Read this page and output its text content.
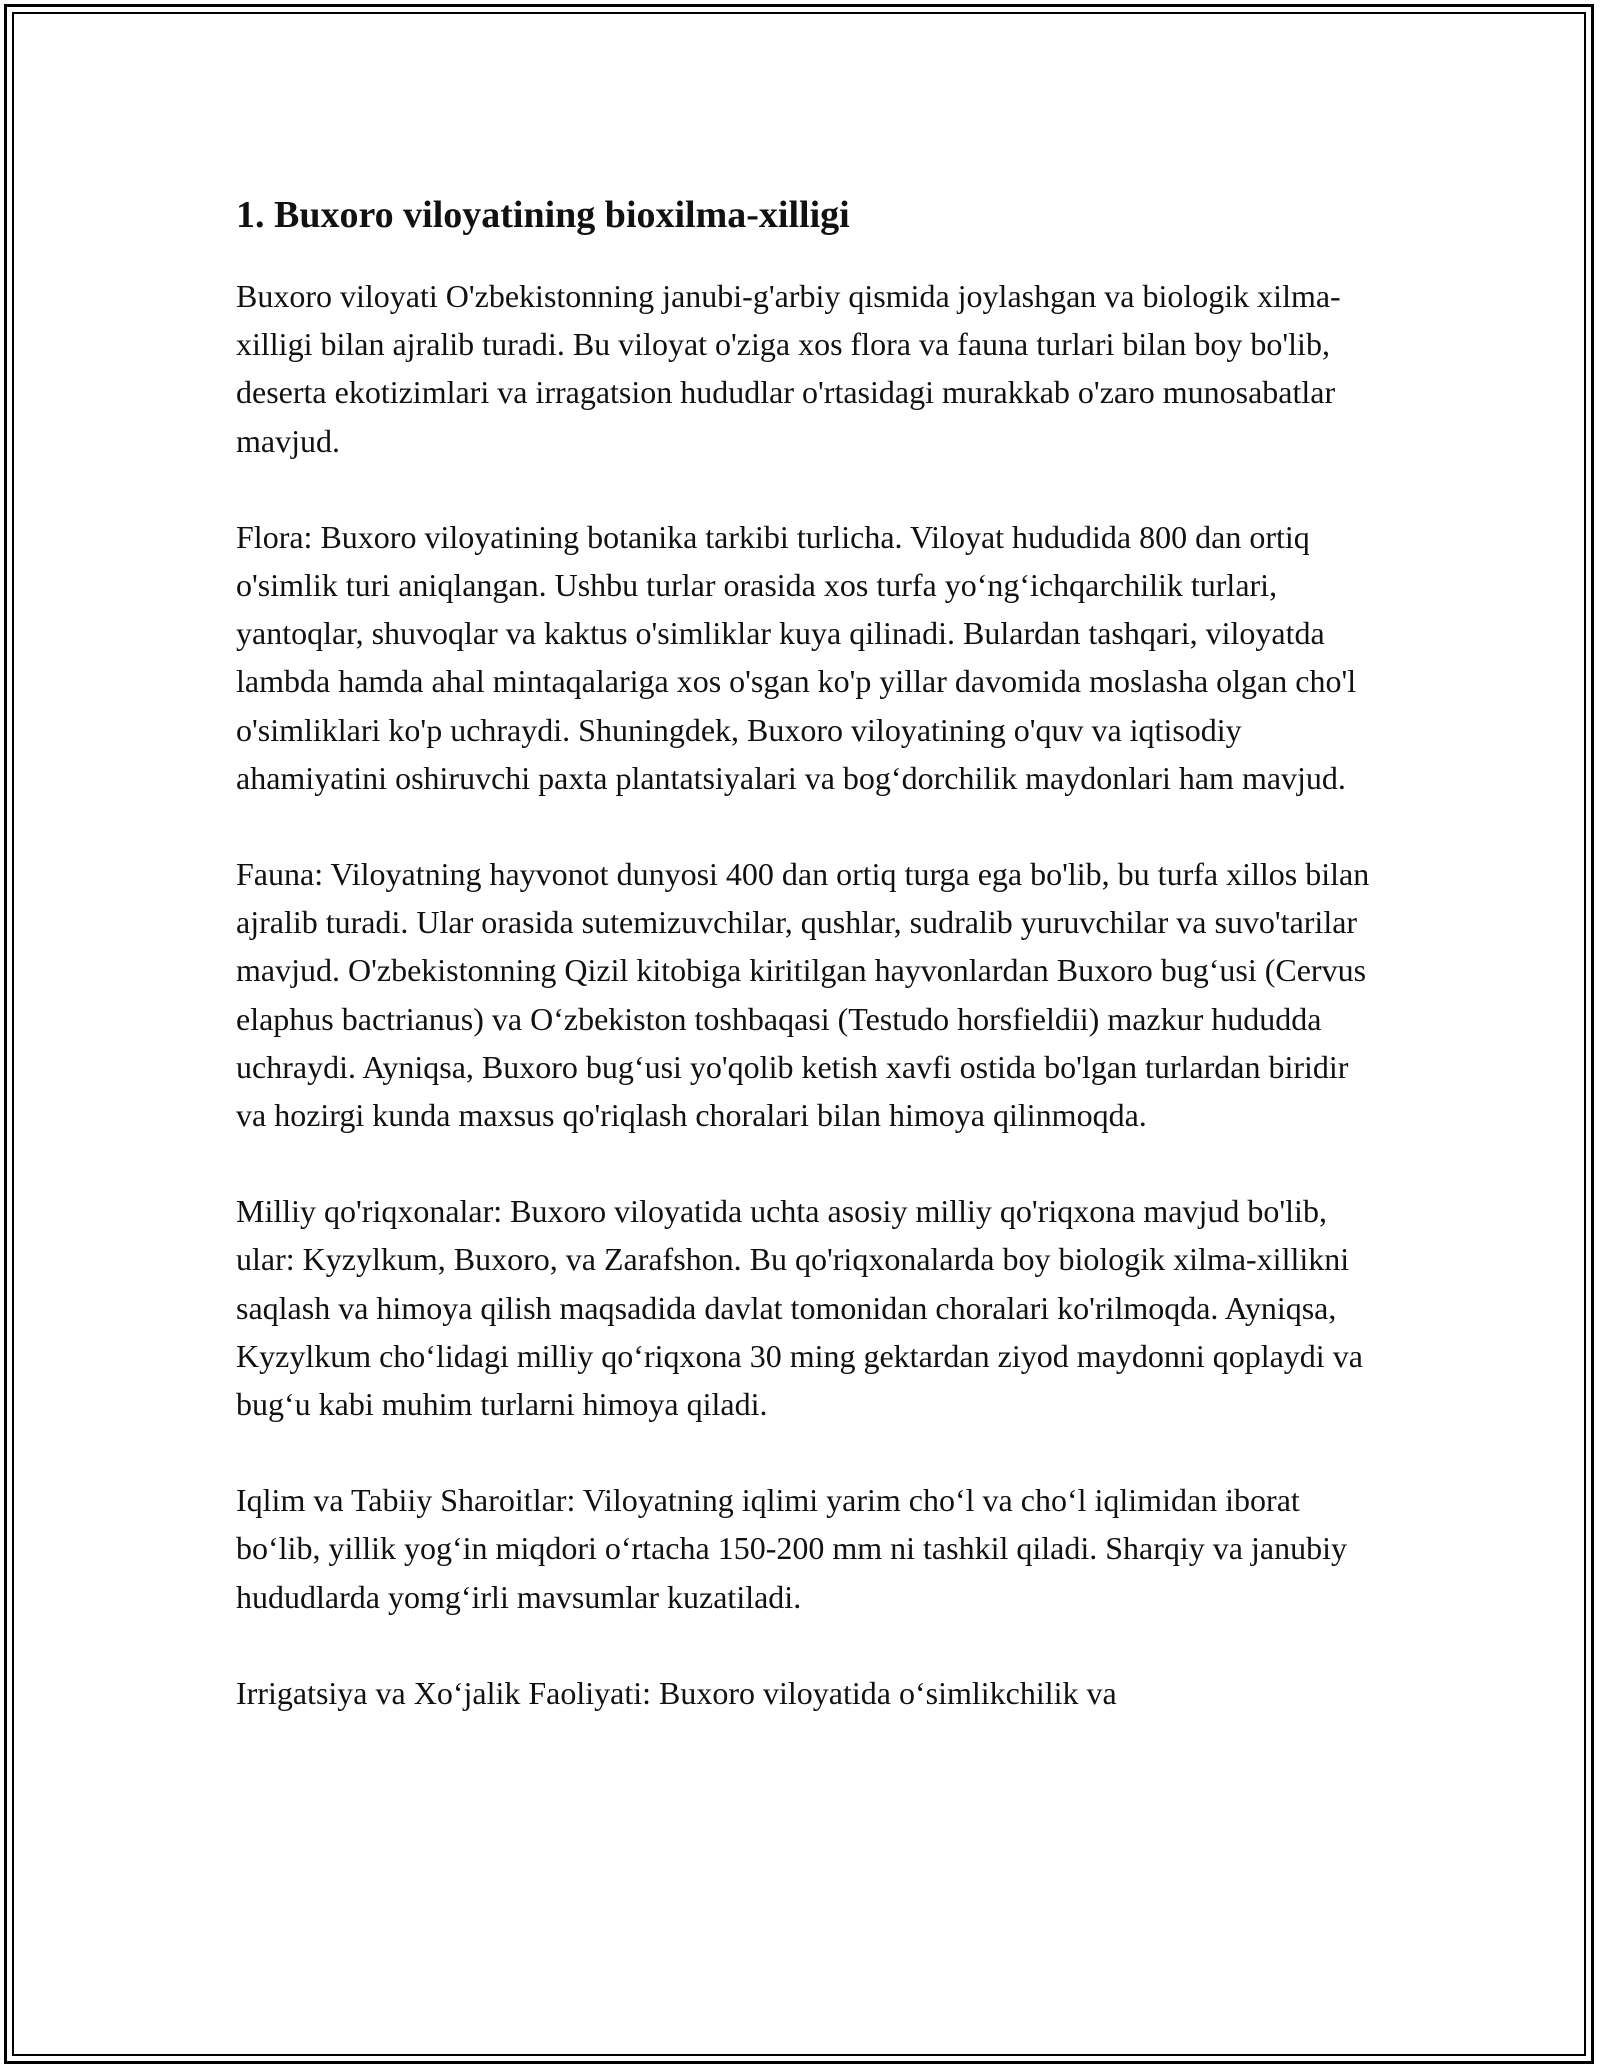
1. Buxoro viloyatining bioxilma-xilligi

Buxoro viloyati O'zbekistonning janubi-g'arbiy qismida joylashgan va biologik xilma-xilligi bilan ajralib turadi. Bu viloyat o'ziga xos flora va fauna turlari bilan boy bo'lib, deserta ekotizimlari va irragatsion hududlar o'rtasidagi murakkab o'zaro munosabatlar mavjud.

Flora: Buxoro viloyatining botanika tarkibi turlicha. Viloyat hududida 800 dan ortiq o'simlik turi aniqlangan. Ushbu turlar orasida xos turfa yo‘ng‘ichqarchilik turlari, yantoqlar, shuvoqlar va kaktus o'simliklar kuya qilinadi. Bulardan tashqari, viloyatda lambda hamda ahal mintaqalariga xos o'sgan ko'p yillar davomida moslasha olgan cho'l o'simliklari ko'p uchraydi. Shuningdek, Buxoro viloyatining o'quv va iqtisodiy ahamiyatini oshiruvchi paxta plantatsiyalari va bog‘dorchilik maydonlari ham mavjud.

Fauna: Viloyatning hayvonot dunyosi 400 dan ortiq turga ega bo'lib, bu turfa xillos bilan ajralib turadi. Ular orasida sutemizuvchilar, qushlar, sudralib yuruvchilar va suvo'tarilar mavjud. O'zbekistonning Qizil kitobiga kiritilgan hayvonlardan Buxoro bug‘usi (Cervus elaphus bactrianus) va O‘zbekiston toshbaqasi (Testudo horsfieldii) mazkur hududda uchraydi. Ayniqsa, Buxoro bug‘usi yo'qolib ketish xavfi ostida bo'lgan turlardan biridir va hozirgi kunda maxsus qo'riqlash choralari bilan himoya qilinmoqda.

Milliy qo'riqxonalar: Buxoro viloyatida uchta asosiy milliy qo'riqxona mavjud bo'lib, ular: Kyzylkum, Buxoro, va Zarafshon. Bu qo'riqxonalarda boy biologik xilma-xillikni saqlash va himoya qilish maqsadida davlat tomonidan choralari ko'rilmoqda. Ayniqsa, Kyzylkum cho‘lidagi milliy qo‘riqxona 30 ming gektardan ziyod maydonni qoplaydi va bug‘u kabi muhim turlarni himoya qiladi.

Iqlim va Tabiiy Sharoitlar: Viloyatning iqlimi yarim cho‘l va cho‘l iqlimidan iborat bo‘lib, yillik yog‘in miqdori o‘rtacha 150-200 mm ni tashkil qiladi. Sharqiy va janubiy hududlarda yomg‘irli mavsumlar kuzatiladi.

Irrigatsiya va Xo‘jalik Faoliyati: Buxoro viloyatida o‘simlikchilik va
